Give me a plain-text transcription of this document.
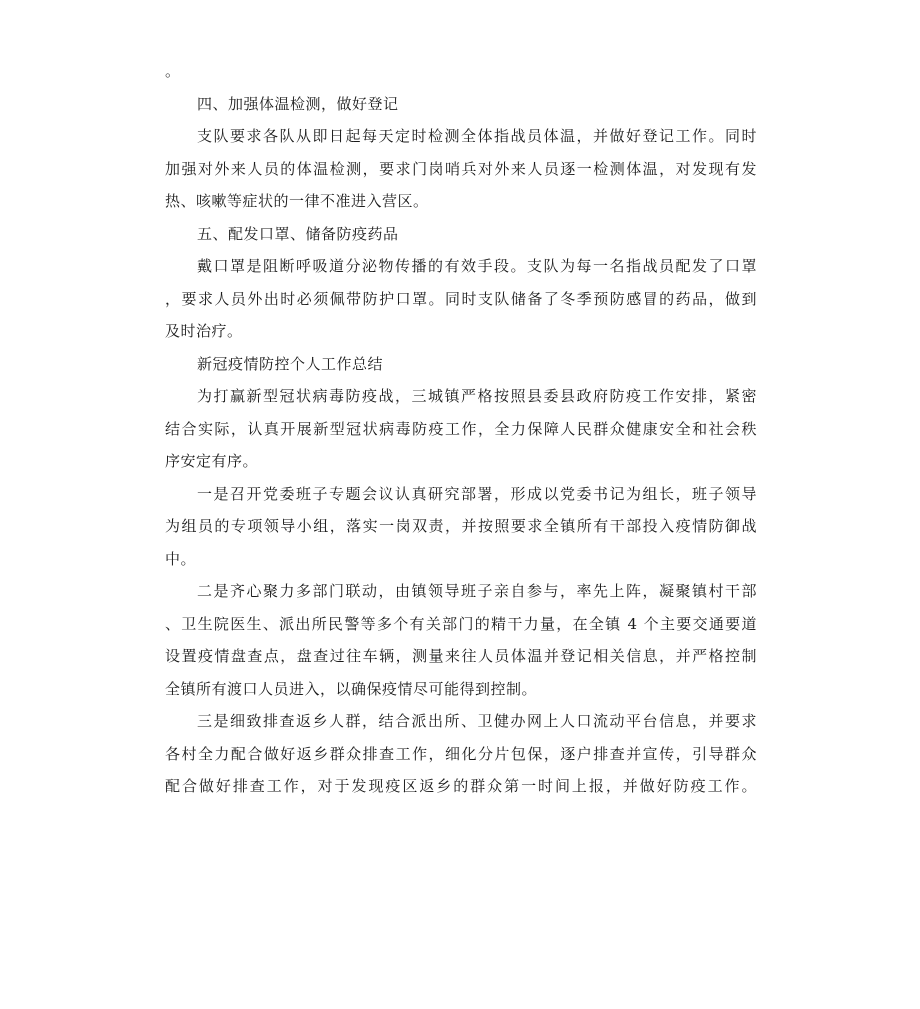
。
四、加强体温检测，做好登记
支队要求各队从即日起每天定时检测全体指战员体温，并做好登记工作。同时
加强对外来人员的体温检测，要求门岗哨兵对外来人员逐一检测体温，对发现有发
热、咳嗽等症状的一律不准进入营区。
五、配发口罩、储备防疫药品
戴口罩是阻断呼吸道分泌物传播的有效手段。支队为每一名指战员配发了口罩
，要求人员外出时必须佩带防护口罩。同时支队储备了冬季预防感冒的药品，做到
及时治疗。
新冠疫情防控个人工作总结
为打赢新型冠状病毒防疫战，三城镇严格按照县委县政府防疫工作安排，紧密
结合实际，认真开展新型冠状病毒防疫工作，全力保障人民群众健康安全和社会秩
序安定有序。
一是召开党委班子专题会议认真研究部署，形成以党委书记为组长，班子领导
为组员的专项领导小组，落实一岗双责，并按照要求全镇所有干部投入疫情防御战
中。
二是齐心聚力多部门联动，由镇领导班子亲自参与，率先上阵，凝聚镇村干部
、卫生院医生、派出所民警等多个有关部门的精干力量，在全镇 4 个主要交通要道
设置疫情盘查点，盘查过往车辆，测量来往人员体温并登记相关信息，并严格控制
全镇所有渡口人员进入，以确保疫情尽可能得到控制。
三是细致排查返乡人群，结合派出所、卫健办网上人口流动平台信息，并要求
各村全力配合做好返乡群众排查工作，细化分片包保，逐户排查并宣传，引导群众
配合做好排查工作，对于发现疫区返乡的群众第一时间上报，并做好防疫工作。
